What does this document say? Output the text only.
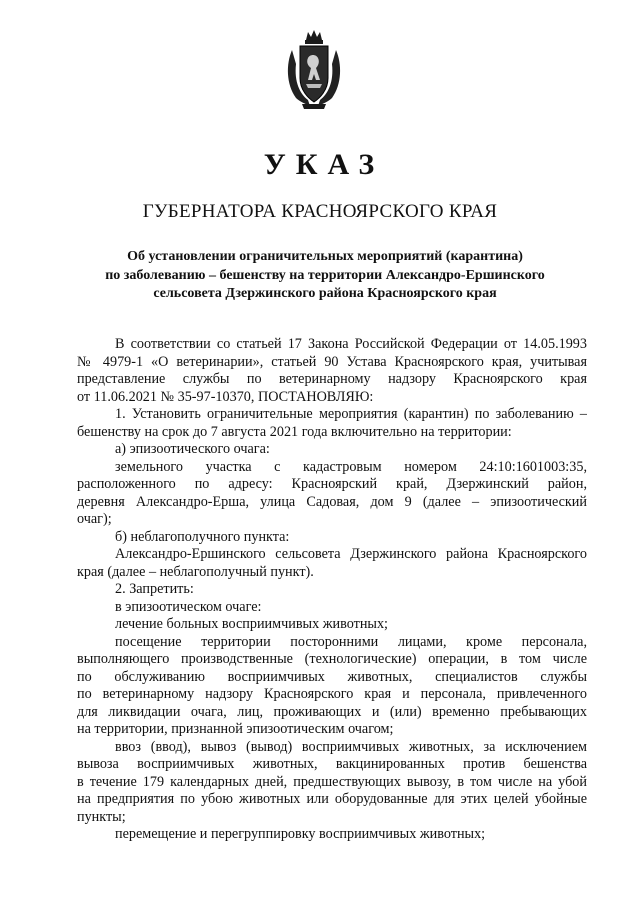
УКАЗ
ГУБЕРНАТОРА КРАСНОЯРСКОГО КРАЯ
Об установлении ограничительных мероприятий (карантина)
по заболеванию – бешенству на территории Александро-Ершинского
сельсовета Дзержинского района Красноярского края
В соответствии со статьей 17 Закона Российской Федерации от 14.05.1993
№ 4979-1 «О ветеринарии», статьей 90 Устава Красноярского края, учитывая
представление службы по ветеринарному надзору Красноярского края
от 11.06.2021 № 35-97-10370, ПОСТАНОВЛЯЮ:
1. Установить ограничительные мероприятия (карантин) по заболеванию –
бешенству на срок до 7 августа 2021 года включительно на территории:
а) эпизоотического очага:
земельного участка с кадастровым номером 24:10:1601003:35,
расположенного по адресу: Красноярский край, Дзержинский район,
деревня Александро-Ерша, улица Садовая, дом 9 (далее – эпизоотический
очаг);
б) неблагополучного пункта:
Александро-Ершинского сельсовета Дзержинского района Красноярского
края (далее – неблагополучный пункт).
2. Запретить:
в эпизоотическом очаге:
лечение больных восприимчивых животных;
посещение территории посторонними лицами, кроме персонала,
выполняющего производственные (технологические) операции, в том числе
по обслуживанию восприимчивых животных, специалистов службы
по ветеринарному надзору Красноярского края и персонала, привлеченного
для ликвидации очага, лиц, проживающих и (или) временно пребывающих
на территории, признанной эпизоотическим очагом;
ввоз (ввод), вывоз (вывод) восприимчивых животных, за исключением
вывоза восприимчивых животных, вакцинированных против бешенства
в течение 179 календарных дней, предшествующих вывозу, в том числе на убой
на предприятия по убою животных или оборудованные для этих целей убойные
пункты;
перемещение и перегруппировку восприимчивых животных;
